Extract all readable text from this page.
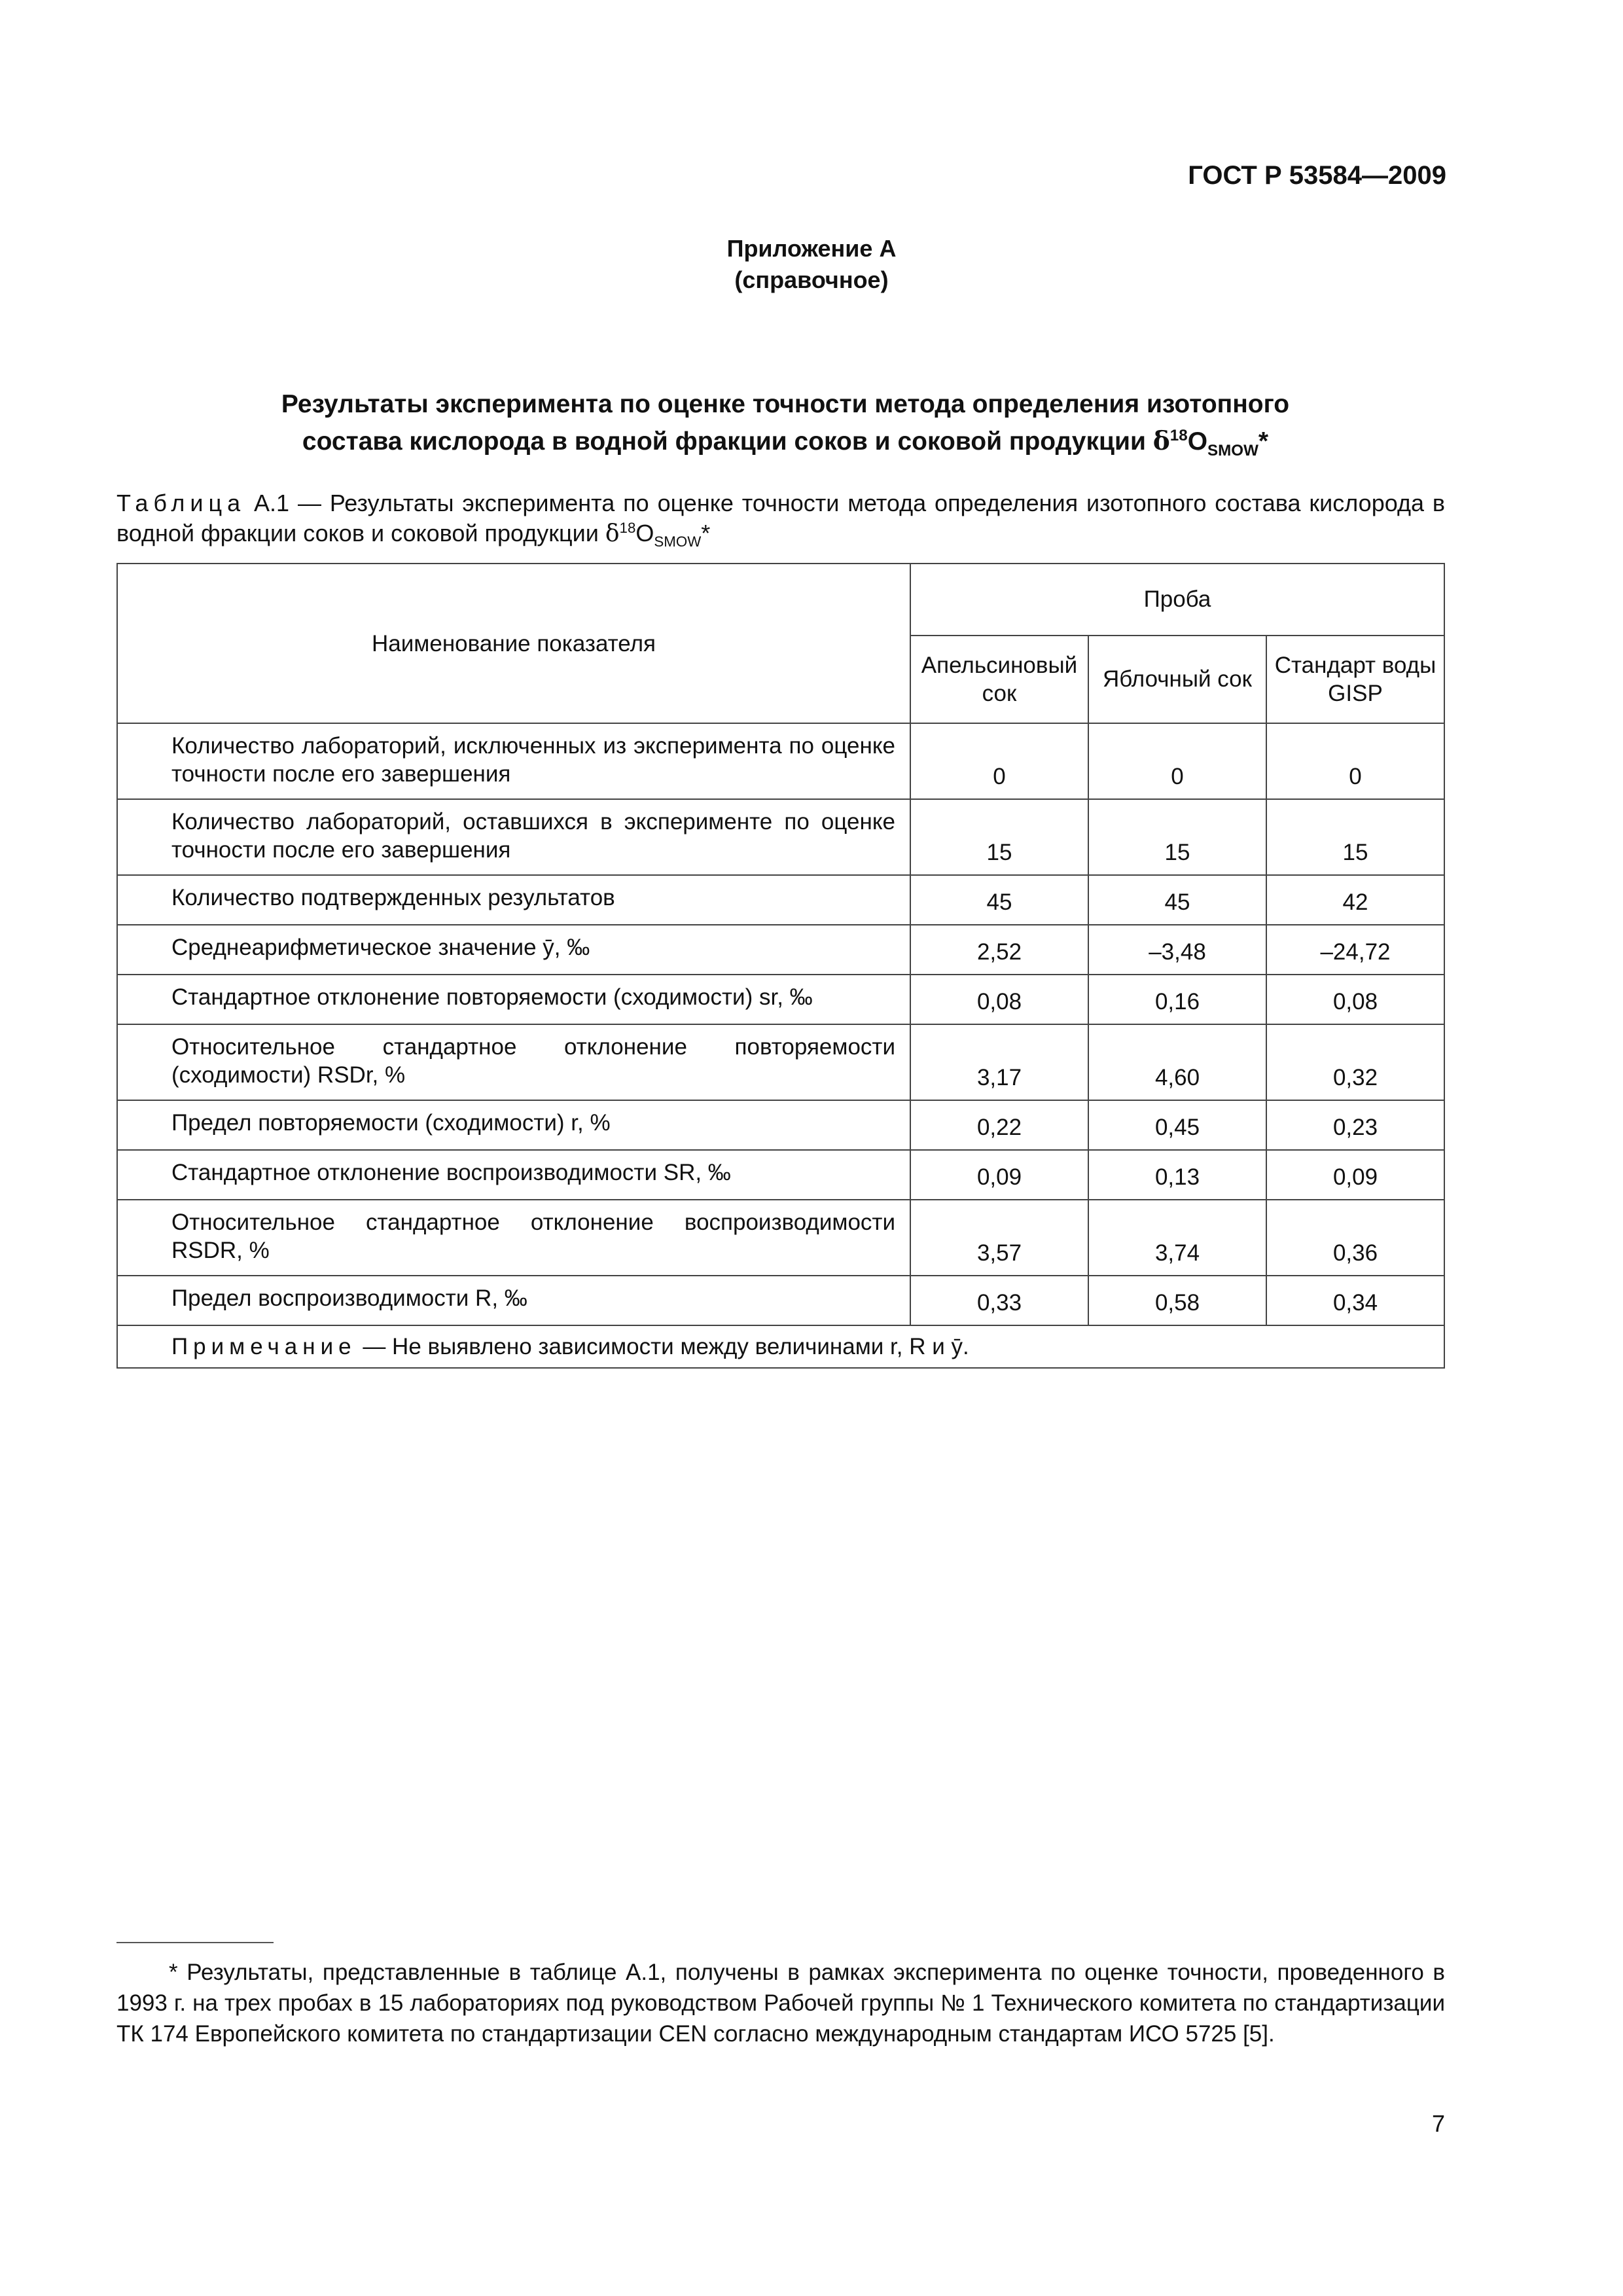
ГОСТ Р 53584—2009
Приложение А
(справочное)
Результаты эксперимента по оценке точности метода определения изотопного
состава кислорода в водной фракции соков и соковой продукции $\delta^{18}O_{SMOW}*$
Таблица А.1 — Результаты эксперимента по оценке точности метода определения изотопного состава кислорода в водной фракции соков и соковой продукции $\delta^{18}O_{SMOW}*$
Наименование показателя	Проба		
	Апельсиновый сок	Яблочный сок	Стандарт воды GISP

Количество лабораторий, исключенных из эксперимента по оценке точности после его завершения	0	0	0

Количество лабораторий, оставшихся в эксперименте по оценке точности после его завершения	15	15	15

Количество подтвержденных результатов	45	45	42

Среднеарифметическое значение ȳ, ‰	2,52	–3,48	–24,72

Стандартное отклонение повторяемости (сходимости) sr, ‰	0,08	0,16	0,08

Относительное стандартное отклонение повторяемости (сходимости) RSDr, %	3,17	4,60	0,32

Предел повторяемости (сходимости) r, %	0,22	0,45	0,23

Стандартное отклонение воспроизводимости SR, ‰	0,09	0,13	0,09

Относительное стандартное отклонение воспроизводимости RSDR, %	3,57	3,74	0,36

Предел воспроизводимости R, ‰	0,33	0,58	0,34
Примечание — Не выявлено зависимости между величинами r, R и ȳ.			
* Результаты, представленные в таблице А.1, получены в рамках эксперимента по оценке точности, проведенного в 1993 г. на трех пробах в 15 лабораториях под руководством Рабочей группы № 1 Технического комитета по стандартизации ТК 174 Европейского комитета по стандартизации CEN согласно международным стандартам ИСО 5725 [5].
7
